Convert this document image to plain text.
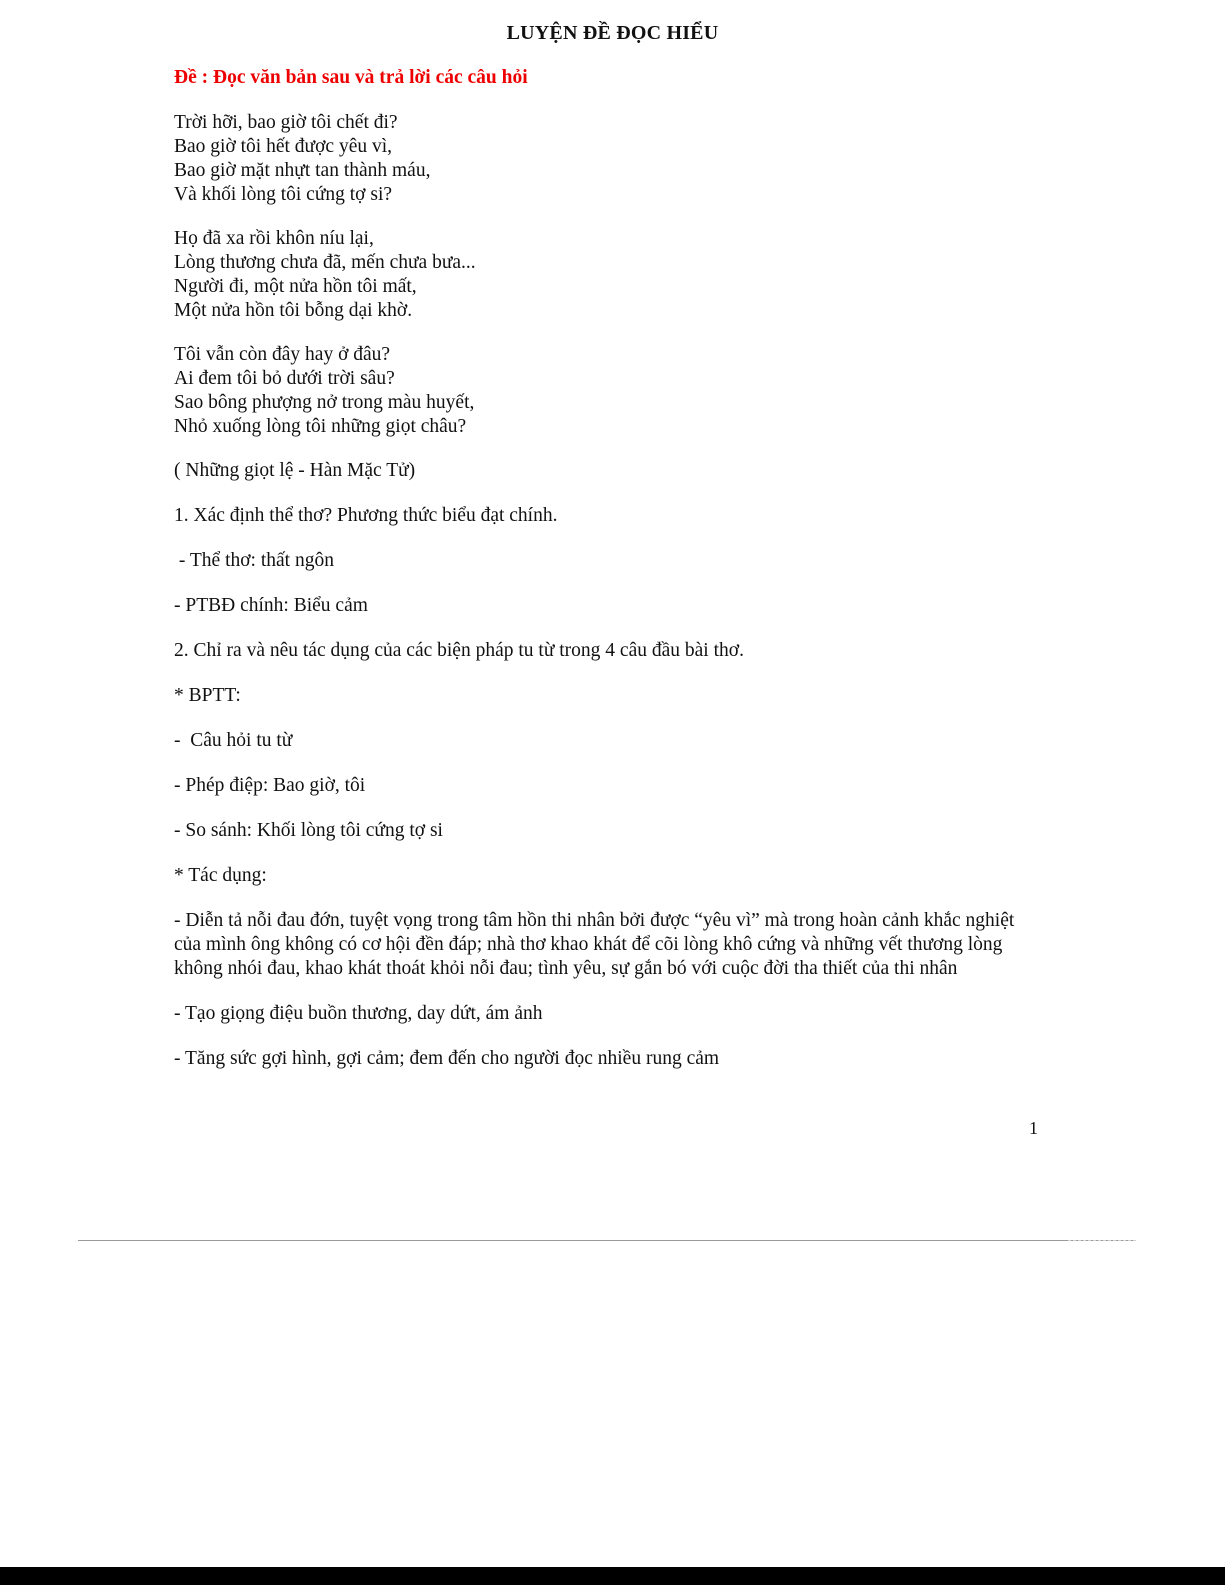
LUYỆN ĐỀ ĐỌC HIỂU
Đề : Đọc văn bản sau và trả lời các câu hỏi
Trời hỡi, bao giờ tôi chết đi?
Bao giờ tôi hết được yêu vì,
Bao giờ mặt nhựt tan thành máu,
Và khối lòng tôi cứng tợ si?
Họ đã xa rồi khôn níu lại,
Lòng thương chưa đã, mến chưa bưa...
Người đi, một nửa hồn tôi mất,
Một nửa hồn tôi bỗng dại khờ.
Tôi vẫn còn đây hay ở đâu?
Ai đem tôi bỏ dưới trời sâu?
Sao bông phượng nở trong màu huyết,
Nhỏ xuống lòng tôi những giọt châu?
( Những giọt lệ - Hàn Mặc Tử)
1. Xác định thể thơ? Phương thức biểu đạt chính.
- Thể thơ: thất ngôn
- PTBĐ chính: Biểu cảm
2. Chỉ ra và nêu tác dụng của các biện pháp tu từ trong 4 câu đầu bài thơ.
* BPTT:
-  Câu hỏi tu từ
- Phép điệp: Bao giờ, tôi
- So sánh: Khối lòng tôi cứng tợ si
* Tác dụng:
- Diễn tả nỗi đau đớn, tuyệt vọng trong tâm hồn thi nhân bởi được “yêu vì” mà trong hoàn cảnh khắc nghiệt của mình ông không có cơ hội đền đáp; nhà thơ khao khát để cõi lòng khô cứng và những vết thương lòng không nhói đau, khao khát thoát khỏi nỗi đau; tình yêu, sự gắn bó với cuộc đời tha thiết của thi nhân
- Tạo giọng điệu buồn thương, day dứt, ám ảnh
- Tăng sức gợi hình, gợi cảm; đem đến cho người đọc nhiều rung cảm
1
